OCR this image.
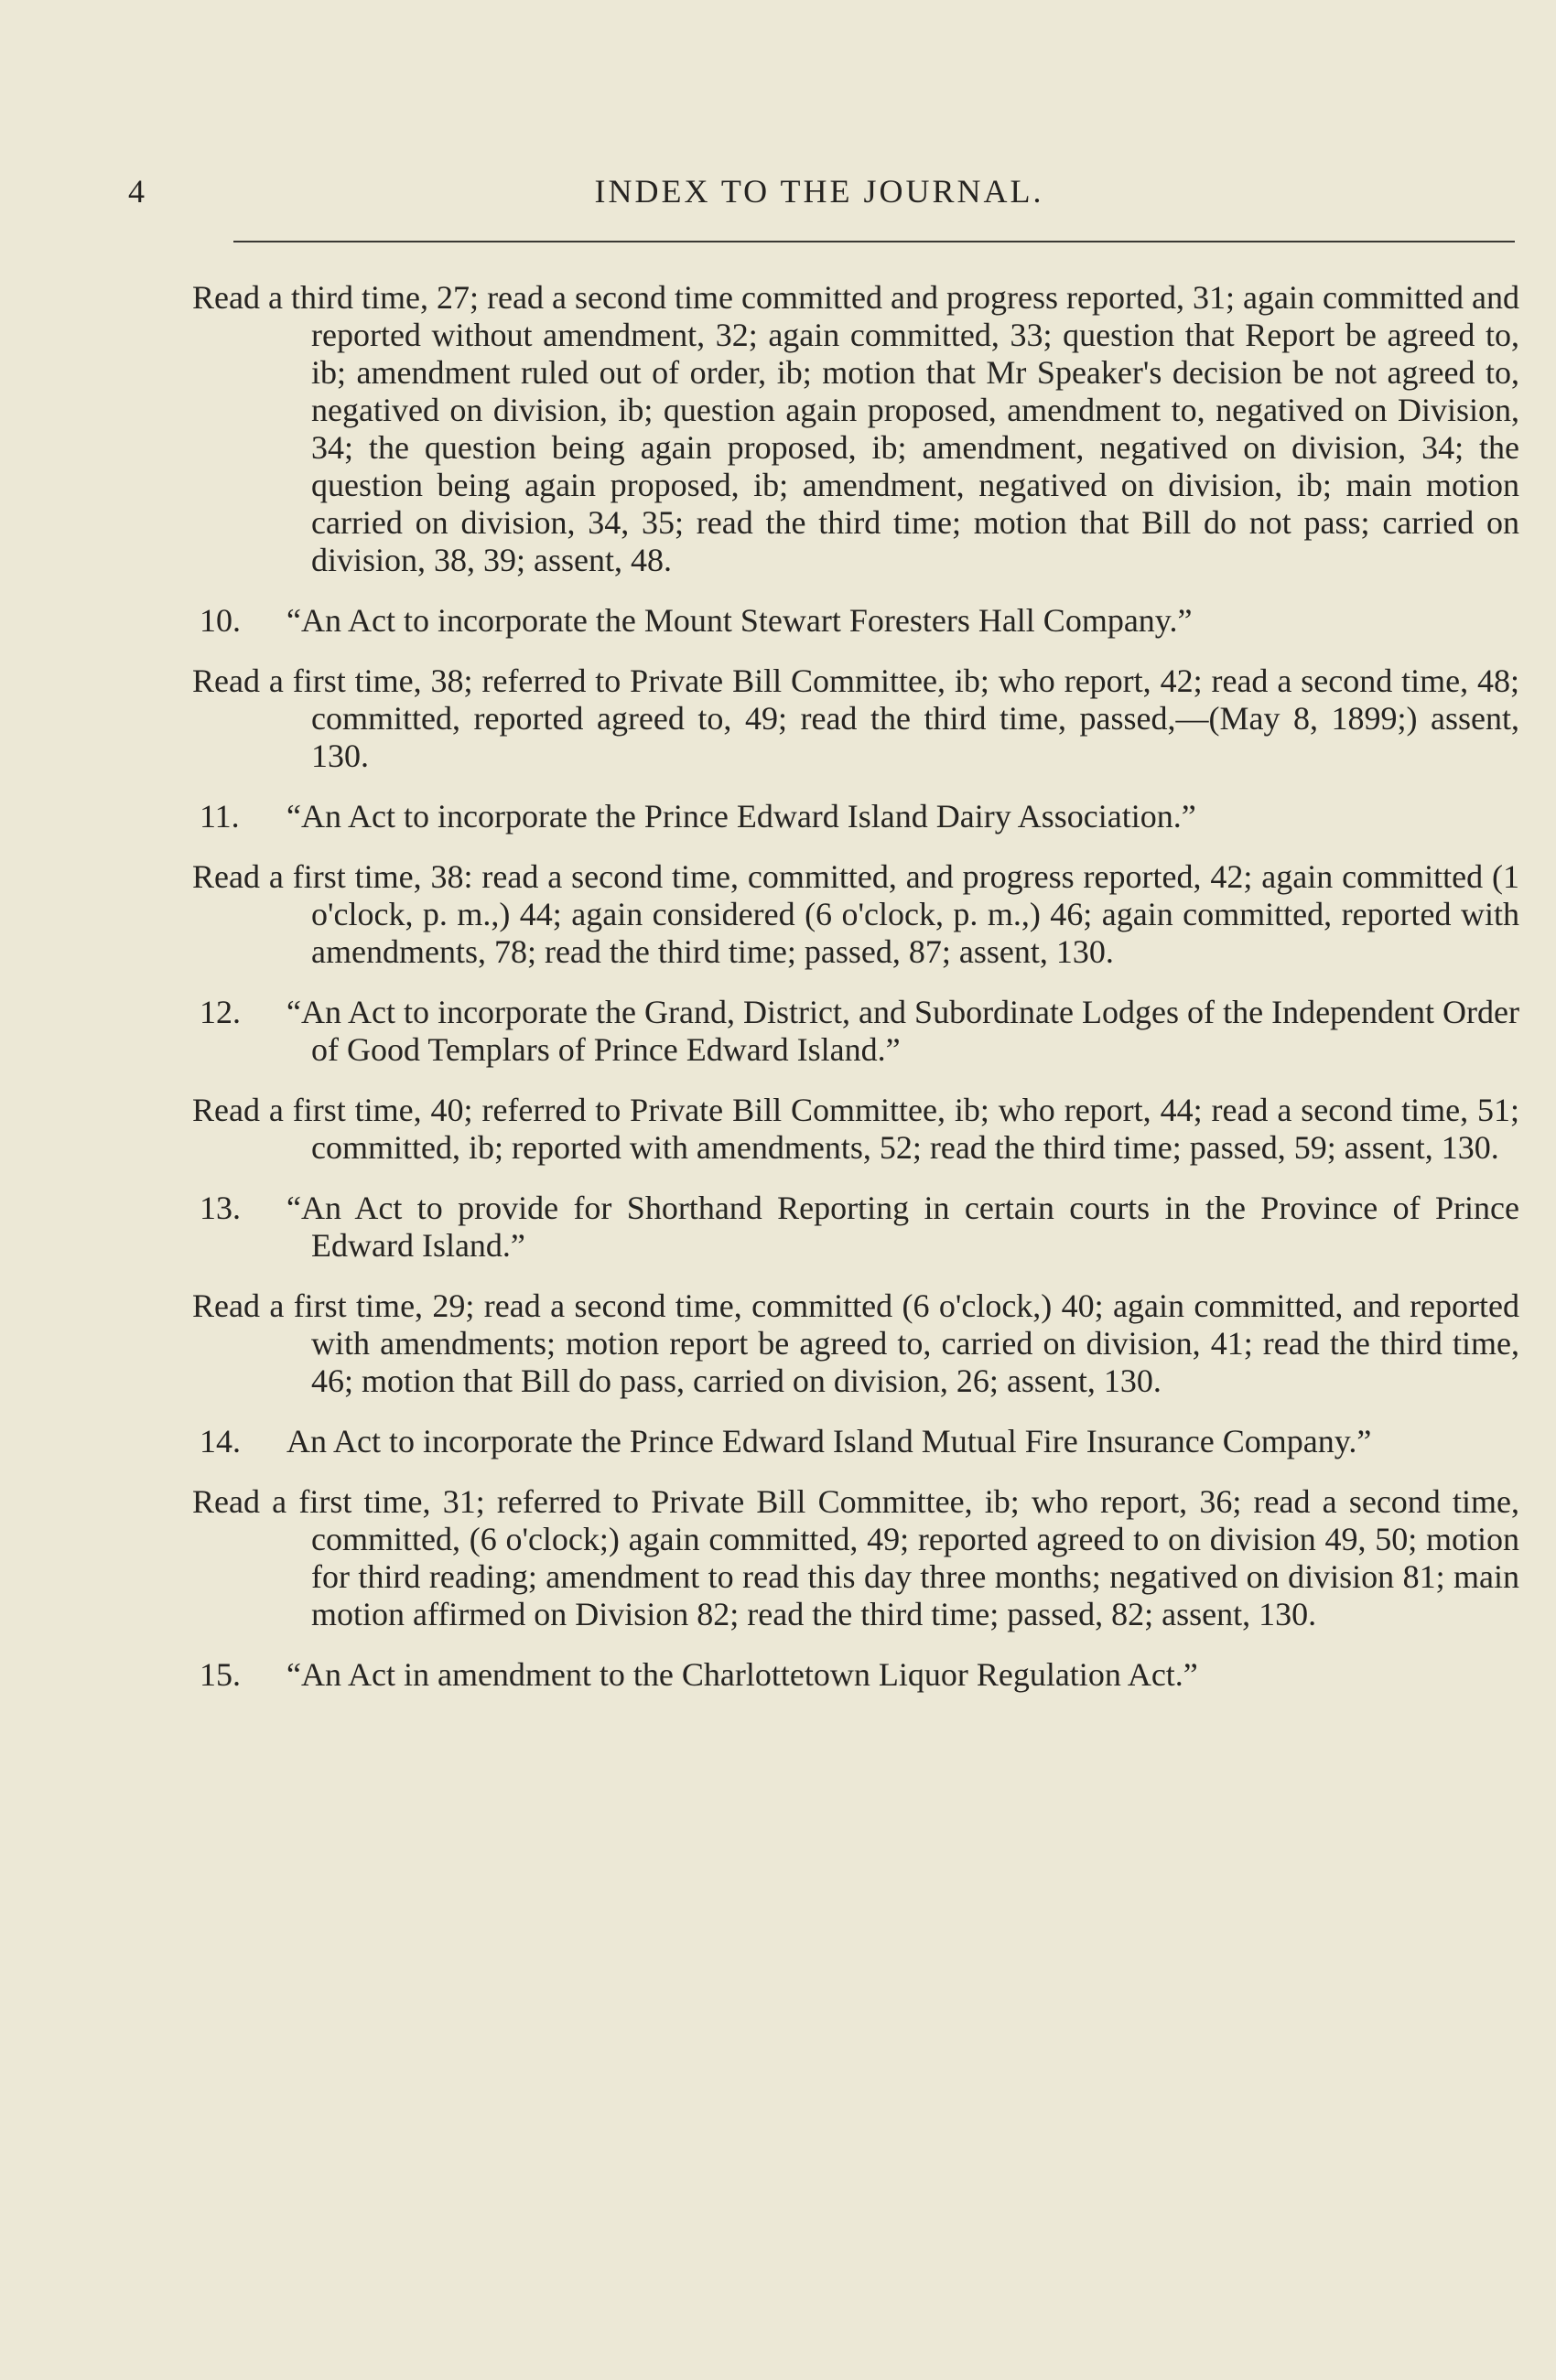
4	INDEX TO THE JOURNAL.

Read a third time, 27; read a second time committed and progress reported, 31; again committed and reported without amendment, 32; again committed, 33; question that Report be agreed to, ib; amendment ruled out of order, ib; motion that Mr Speaker's decision be not agreed to, negatived on division, ib; question again proposed, amendment to, negatived on Division, 34; the question being again proposed, ib; amendment, negatived on division, 34; the question being again proposed, ib; amendment, negatived on division, ib; main motion carried on division, 34, 35; read the third time; motion that Bill do not pass; carried on division, 38, 39; assent, 48.

10. “An Act to incorporate the Mount Stewart Foresters Hall Company.”

Read a first time, 38; referred to Private Bill Committee, ib; who report, 42; read a second time, 48; committed, reported agreed to, 49; read the third time, passed,—(May 8, 1899;) assent, 130.

11. “An Act to incorporate the Prince Edward Island Dairy Association.”

Read a first time, 38: read a second time, committed, and progress reported, 42; again committed (1 o'clock, p. m.,) 44; again considered (6 o'clock, p. m.,) 46; again committed, reported with amendments, 78; read the third time; passed, 87; assent, 130.

12. “An Act to incorporate the Grand, District, and Subordinate Lodges of the Independent Order of Good Templars of Prince Edward Island.”

Read a first time, 40; referred to Private Bill Committee, ib; who report, 44; read a second time, 51; committed, ib; reported with amendments, 52; read the third time; passed, 59; assent, 130.

13. “An Act to provide for Shorthand Reporting in certain courts in the Province of Prince Edward Island.”

Read a first time, 29; read a second time, committed (6 o'clock,) 40; again committed, and reported with amendments; motion report be agreed to, carried on division, 41; read the third time, 46; motion that Bill do pass, carried on division, 26; assent, 130.

14. An Act to incorporate the Prince Edward Island Mutual Fire Insurance Company.”

Read a first time, 31; referred to Private Bill Committee, ib; who report, 36; read a second time, committed, (6 o'clock;) again committed, 49; reported agreed to on division 49, 50; motion for third reading; amendment to read this day three months; negatived on division 81; main motion affirmed on Division 82; read the third time; passed, 82; assent, 130.

15. “An Act in amendment to the Charlottetown Liquor Regulation Act.”
